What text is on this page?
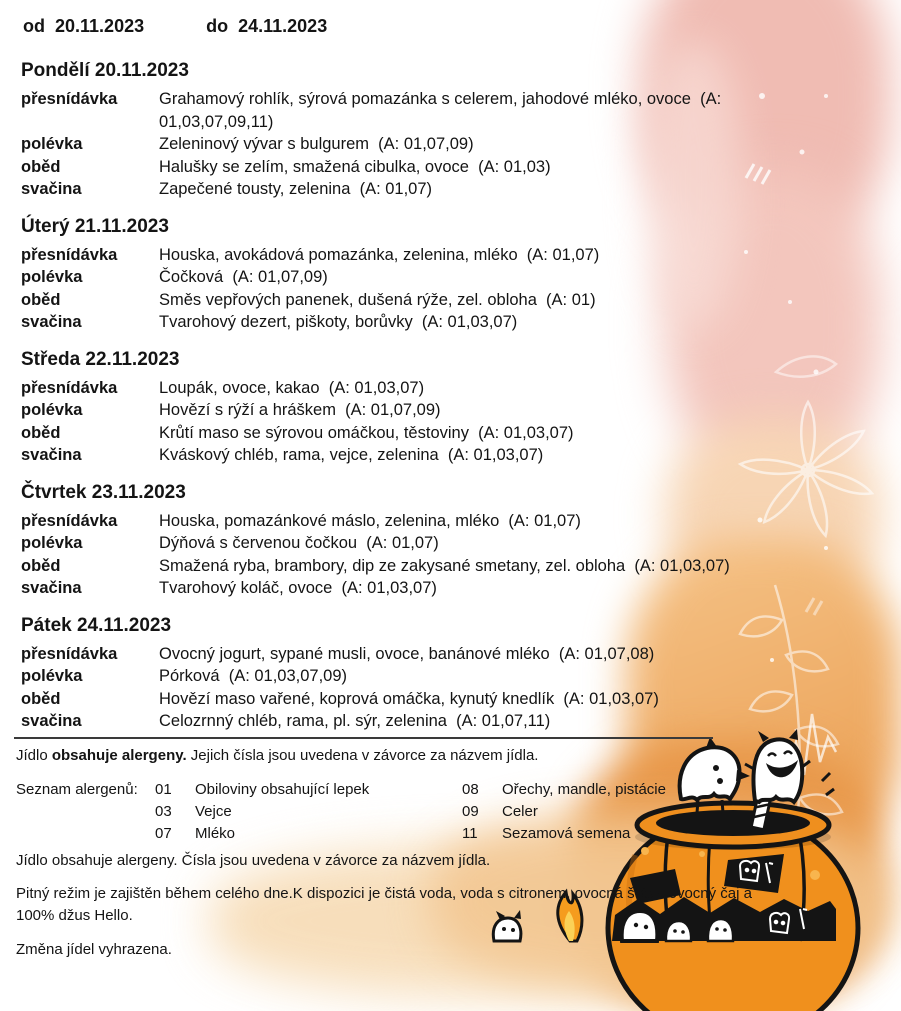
od 20.11.2023	do 24.11.2023
Pondělí 20.11.2023
přesnídávka	Grahamový rohlík, sýrová pomazánka s celerem, jahodové mléko, ovoce  (A: 01,03,07,09,11)
polévka	Zeleninový vývar s bulgurem  (A: 01,07,09)
oběd	Halušky se zelím, smažená cibulka, ovoce  (A: 01,03)
svačina	Zapečené tousty, zelenina  (A: 01,07)
Úterý 21.11.2023
přesnídávka	Houska, avokádová pomazánka, zelenina, mléko  (A: 01,07)
polévka	Čočková  (A: 01,07,09)
oběd	Směs vepřových panenek, dušená rýže, zel. obloha  (A: 01)
svačina	Tvarohový dezert, piškoty, borůvky  (A: 01,03,07)
Středa 22.11.2023
přesnídávka	Loupák, ovoce, kakao  (A: 01,03,07)
polévka	Hovězí s rýží a hráškem  (A: 01,07,09)
oběd	Krůtí maso se sýrovou omáčkou, těstoviny  (A: 01,03,07)
svačina	Kváskový chléb, rama, vejce, zelenina  (A: 01,03,07)
Čtvrtek 23.11.2023
přesnídávka	Houska, pomazánkové máslo, zelenina, mléko  (A: 01,07)
polévka	Dýňová s červenou čočkou  (A: 01,07)
oběd	Smažená ryba, brambory, dip ze zakysané smetany, zel. obloha  (A: 01,03,07)
svačina	Tvarohový koláč, ovoce  (A: 01,03,07)
Pátek 24.11.2023
přesnídávka	Ovocný jogurt, sypané musli, ovoce, banánové mléko  (A: 01,07,08)
polévka	Pórková  (A: 01,03,07,09)
oběd	Hovězí maso vařené, koprová omáčka, kynutý knedlík  (A: 01,03,07)
svačina	Celozrnný chléb, rama, pl. sýr, zelenina  (A: 01,07,11)
Jídlo obsahuje alergeny. Jejich čísla jsou uvedena v závorce za názvem jídla.
Seznam alergenů:	01	Obiloviny obsahující lepek	08	Ořechy, mandle, pistácie
03	Vejce	09	Celer
07	Mléko	11	Sezamová semena
Jídlo obsahuje alergeny. Čísla jsou uvedena v závorce za názvem jídla.
Pitný režim je zajištěn během celého dne.K dispozici je čistá voda, voda s citronem, ovocná šťáva ovocný čaj a 100% džus Hello.
Změna jídel vyhrazena.
